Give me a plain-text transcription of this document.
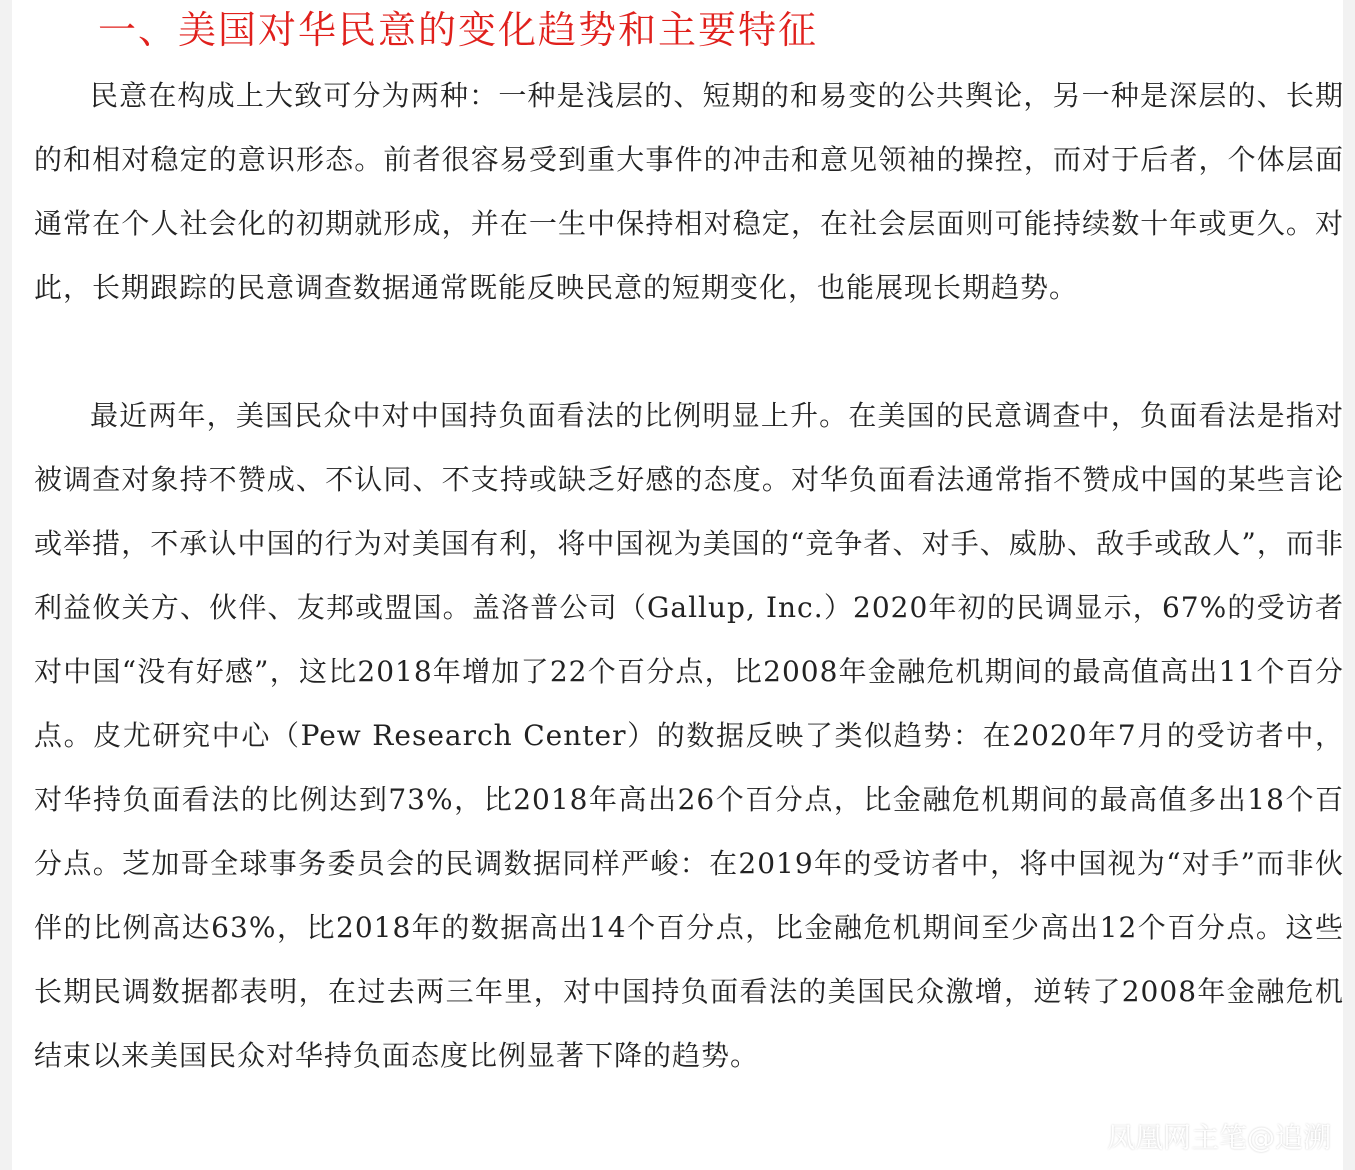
一、美国对华民意的变化趋势和主要特征

民意在构成上大致可分为两种：一种是浅层的、短期的和易变的公共舆论，另一种是深层的、长期的和相对稳定的意识形态。前者很容易受到重大事件的冲击和意见领袖的操控，而对于后者，个体层面通常在个人社会化的初期就形成，并在一生中保持相对稳定，在社会层面则可能持续数十年或更久。对此，长期跟踪的民意调查数据通常既能反映民意的短期变化，也能展现长期趋势。

最近两年，美国民众中对中国持负面看法的比例明显上升。在美国的民意调查中，负面看法是指对被调查对象持不赞成、不认同、不支持或缺乏好感的态度。对华负面看法通常指不赞成中国的某些言论或举措，不承认中国的行为对美国有利，将中国视为美国的“竞争者、对手、威胁、敌手或敌人”，而非利益攸关方、伙伴、友邦或盟国。盖洛普公司（Gallup, Inc.）2020年初的民调显示，67%的受访者对中国“没有好感”，这比2018年增加了22个百分点，比2008年金融危机期间的最高值高出11个百分点。皮尤研究中心（Pew Research Center）的数据反映了类似趋势：在2020年7月的受访者中，对华持负面看法的比例达到73%，比2018年高出26个百分点，比金融危机期间的最高值多出18个百分点。芝加哥全球事务委员会的民调数据同样严峻：在2019年的受访者中，将中国视为“对手”而非伙伴的比例高达63%，比2018年的数据高出14个百分点，比金融危机期间至少高出12个百分点。这些长期民调数据都表明，在过去两三年里，对中国持负面看法的美国民众激增，逆转了2008年金融危机结束以来美国民众对华持负面态度比例显著下降的趋势。

凤凰网主笔@追溯
